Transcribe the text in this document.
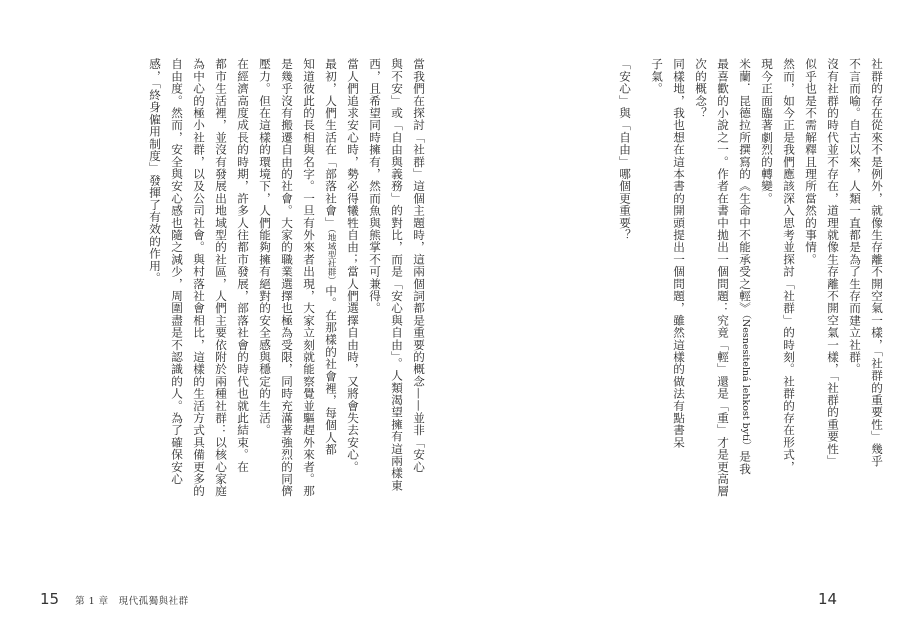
當我們在探討「社群」這個主題時，這兩個詞都是重要的概念——並非「安心
與不安」或「自由與義務」的對比，而是「安心與自由」。人類渴望擁有這兩樣東
西，且希望同時擁有，然而魚與熊掌不可兼得。
當人們追求安心時，勢必得犧牲自由；當人們選擇自由時，又將會失去安心。
最初，人們生活在「部落社會」（地域型社群）中。在那樣的社會裡，每個人都
知道彼此的長相與名字。一旦有外來者出現，大家立刻就能察覺並驅趕外來者。那
是幾乎沒有搬遷自由的社會。大家的職業選擇也極為受限，同時充滿著強烈的同儕
壓力。但在這樣的環境下，人們能夠擁有絕對的安全感與穩定的生活。
在經濟高度成長的時期，許多人往都市發展，部落社會的時代也就此結束。在
都市生活裡，並沒有發展出地域型的社區，人們主要依附於兩種社群：以核心家庭
為中心的極小社群，以及公司社會。與村落社會相比，這樣的生活方式具備更多的
自由度。然而，安全與安心感也隨之減少，周圍盡是不認識的人。為了確保安心
感，「終身僱用制度」發揮了有效的作用。
15 第 1 章　現代孤獨與社群
社群的存在從來不是例外，就像生存離不開空氣一樣，「社群的重要性」幾乎
不言而喻。自古以來，人類一直都是為了生存而建立社群。
沒有社群的時代並不存在，道理就像生存離不開空氣一樣，「社群的重要性」
似乎也是不需解釋且理所當然的事情。
然而，如今正是我們應該深入思考並探討「社群」的時刻。社群的存在形式，
現今正面臨著劇烈的轉變。
米蘭．昆德拉所撰寫的《生命中不能承受之輕》（Nesnesitelná lehkost bytí）是我
最喜歡的小說之一。作者在書中拋出一個問題：究竟「輕」還是「重」才是更高層
次的概念？
同樣地，我也想在這本書的開頭提出一個問題，雖然這樣的做法有點書呆
子氣。
「安心」與「自由」哪個更重要？
14
